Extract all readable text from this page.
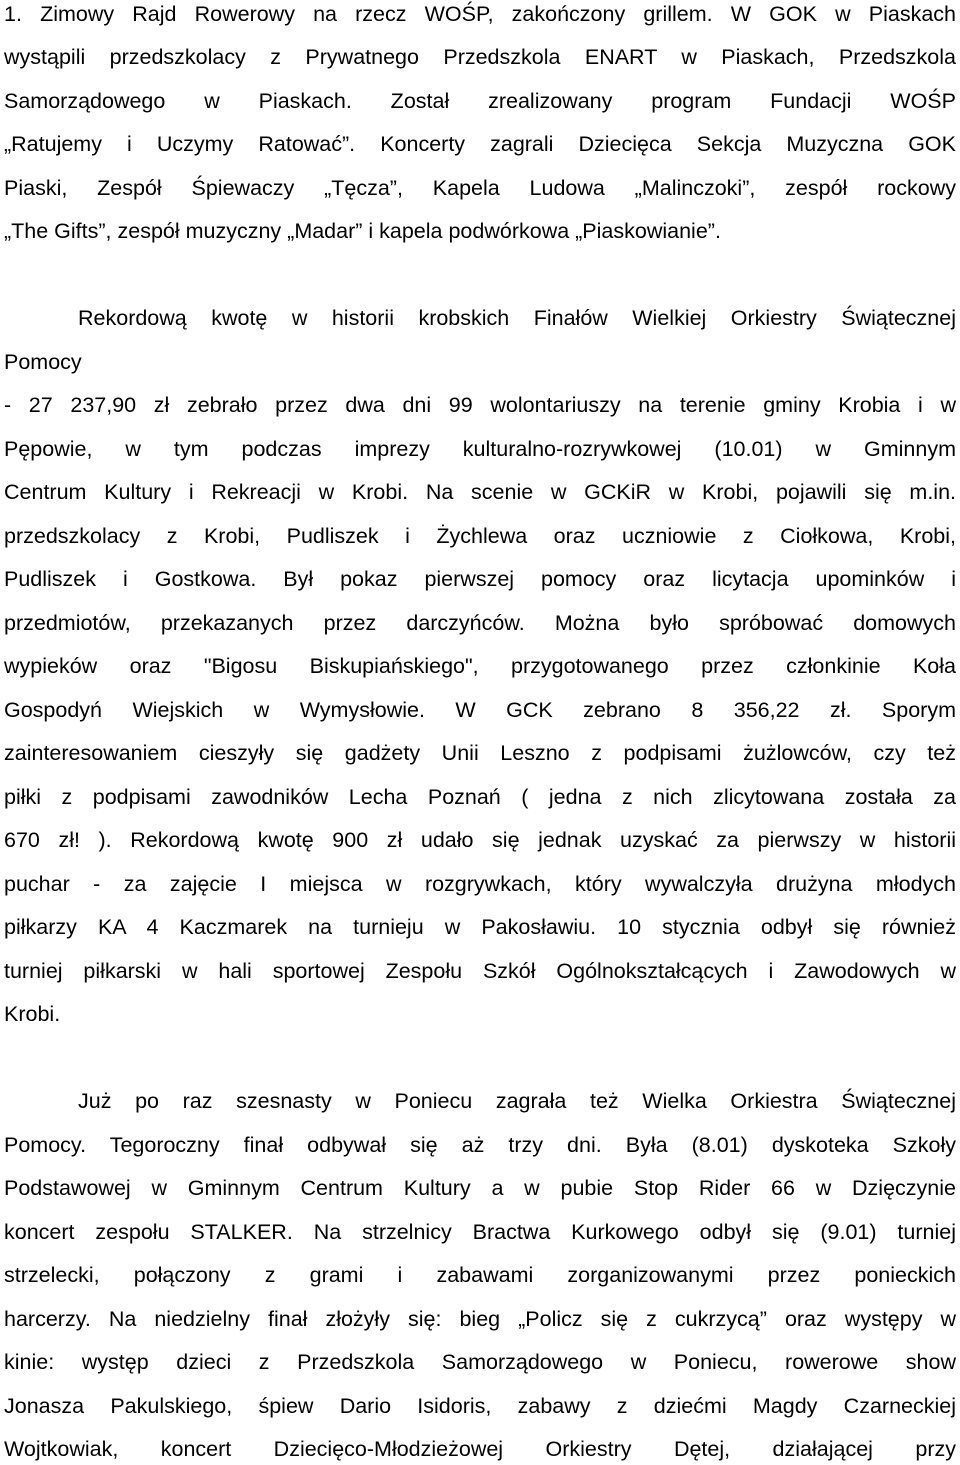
1. Zimowy Rajd Rowerowy na rzecz WOŚP, zakończony grillem. W GOK w Piaskach
wystąpili przedszkolacy z Prywatnego Przedszkola ENART w Piaskach, Przedszkola
Samorządowego w Piaskach. Został zrealizowany program Fundacji WOŚP
„Ratujemy i Uczymy Ratować”. Koncerty zagrali Dziecięca Sekcja Muzyczna GOK
Piaski, Zespół Śpiewaczy „Tęcza”, Kapela Ludowa „Malinczoki”, zespół rockowy
„The Gifts”, zespół muzyczny „Madar” i kapela podwórkowa „Piaskowianie”.
Rekordową kwotę w historii krobskich Finałów Wielkiej Orkiestry Świątecznej
Pomocy
- 27 237,90 zł zebrało przez dwa dni 99 wolontariuszy na terenie gminy Krobia i w
Pępowie, w tym podczas imprezy kulturalno-rozrywkowej (10.01) w Gminnym
Centrum Kultury i Rekreacji w Krobi. Na scenie w GCKiR w Krobi, pojawili się m.in.
przedszkolacy z Krobi, Pudliszek i Żychlewa oraz uczniowie z Ciołkowa, Krobi,
Pudliszek i Gostkowa. Był pokaz pierwszej pomocy oraz licytacja upominków i
przedmiotów, przekazanych przez darczyńców. Można było spróbować domowych
wypieków oraz "Bigosu Biskupiańskiego", przygotowanego przez członkinie Koła
Gospodyń Wiejskich w Wymysłowie. W GCK zebrano 8 356,22 zł. Sporym
zainteresowaniem cieszyły się gadżety Unii Leszno z podpisami żużlowców, czy też
piłki z podpisami zawodników Lecha Poznań ( jedna z nich zlicytowana została za
670 zł! ). Rekordową kwotę 900 zł udało się jednak uzyskać za pierwszy w historii
puchar - za zajęcie I miejsca w rozgrywkach, który wywalczyła drużyna młodych
piłkarzy KA 4 Kaczmarek na turnieju w Pakosławiu. 10 stycznia odbył się również
turniej piłkarski w hali sportowej Zespołu Szkół Ogólnokształcących i Zawodowych w
Krobi.
Już po raz szesnasty w Poniecu zagrała też Wielka Orkiestra Świątecznej
Pomocy. Tegoroczny finał odbywał się aż trzy dni. Była (8.01) dyskoteka Szkoły
Podstawowej w Gminnym Centrum Kultury a w pubie Stop Rider 66 w Dzięczynie
koncert zespołu STALKER. Na strzelnicy Bractwa Kurkowego odbył się (9.01) turniej
strzelecki, połączony z grami i zabawami zorganizowanymi przez ponieckich
harcerzy. Na niedzielny finał złożyły się: bieg „Policz się z cukrzycą” oraz występy w
kinie: występ dzieci z Przedszkola Samorządowego w Poniecu, rowerowe show
Jonasza Pakulskiego, śpiew Dario Isidoris, zabawy z dziećmi Magdy Czarneckiej
Wojtkowiak, koncert Dziecięco-Młodzieżowej Orkiestry Dętej, działającej przy
